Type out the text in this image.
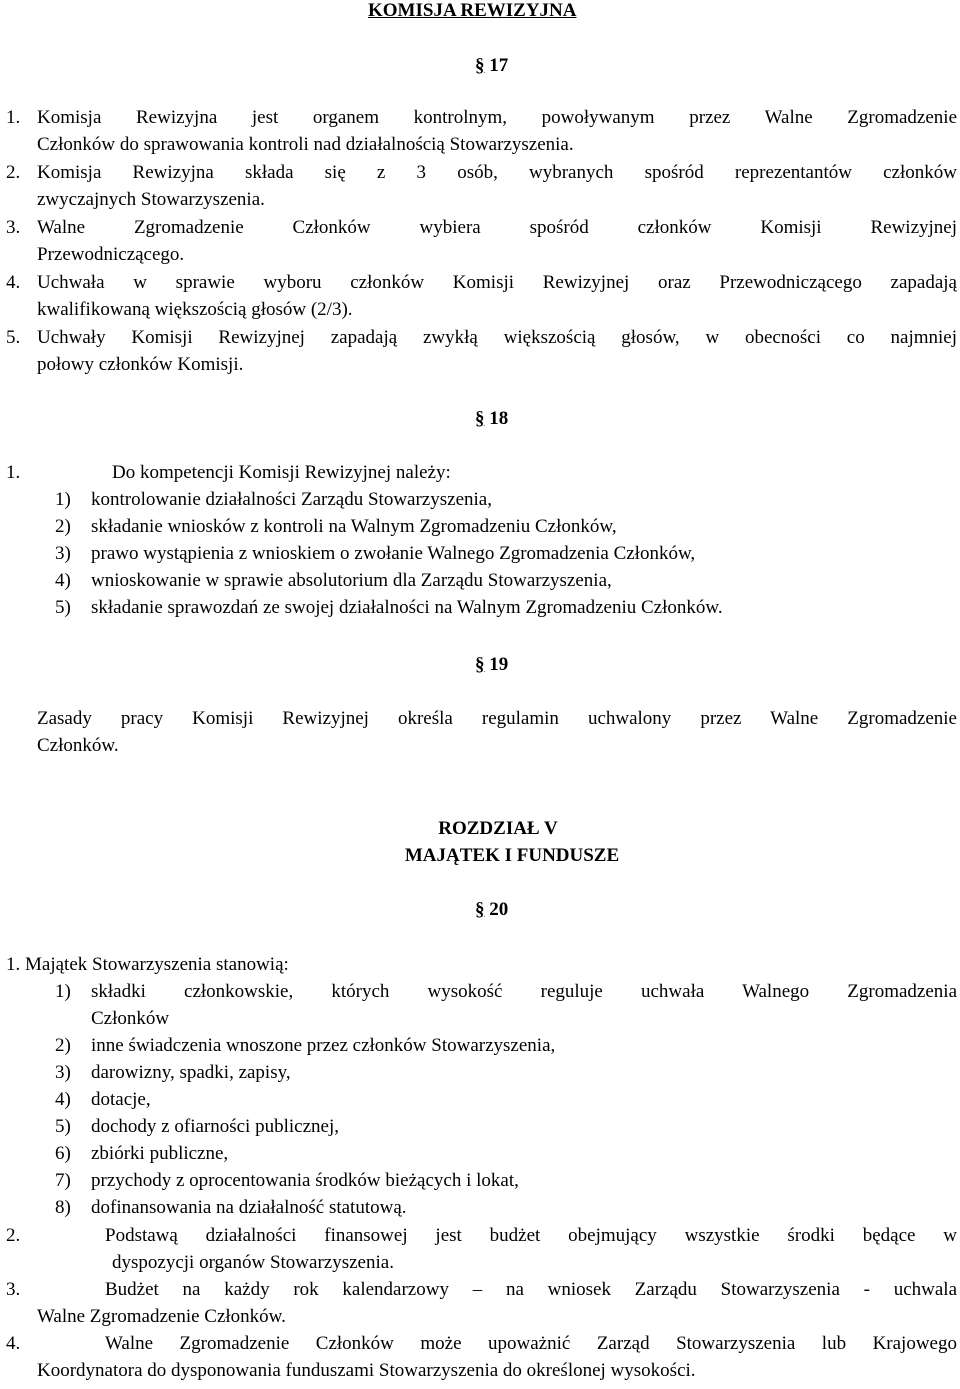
KOMISJA REWIZYJNA
§ 17
1. Komisja Rewizyjna jest organem kontrolnym, powoływanym przez Walne Zgromadzenie
Członków do sprawowania kontroli nad działalnością Stowarzyszenia.
2. Komisja Rewizyjna składa się z 3 osób, wybranych spośród reprezentantów członków
zwyczajnych Stowarzyszenia.
3. Walne Zgromadzenie Członków wybiera spośród członków Komisji Rewizyjnej
Przewodniczącego.
4. Uchwała w sprawie wyboru członków Komisji Rewizyjnej oraz Przewodniczącego zapadają
kwalifikowaną większością głosów (2/3).
5. Uchwały Komisji Rewizyjnej zapadają zwykłą większością głosów, w obecności co najmniej
połowy członków Komisji.
§ 18
1.	Do kompetencji Komisji Rewizyjnej należy:
1) kontrolowanie działalności Zarządu Stowarzyszenia,
2) składanie wniosków z kontroli na Walnym Zgromadzeniu Członków,
3) prawo wystąpienia z wnioskiem o zwołanie Walnego Zgromadzenia Członków,
4) wnioskowanie w sprawie absolutorium dla Zarządu Stowarzyszenia,
5) składanie sprawozdań ze swojej działalności na Walnym Zgromadzeniu Członków.
§ 19
Zasady pracy Komisji Rewizyjnej określa regulamin uchwalony przez Walne Zgromadzenie
Członków.
ROZDZIAŁ V
MAJĄTEK I FUNDUSZE
§ 20
1. Majątek Stowarzyszenia stanowią:
1) składki członkowskie, których wysokość reguluje uchwała Walnego Zgromadzenia
Członków
2) inne świadczenia wnoszone przez członków Stowarzyszenia,
3) darowizny, spadki, zapisy,
4) dotacje,
5) dochody z ofiarności publicznej,
6) zbiórki publiczne,
7) przychody z oprocentowania środków bieżących i lokat,
8) dofinansowania na działalność statutową.
2.	Podstawą działalności finansowej jest budżet obejmujący wszystkie środki będące w
dyspozycji organów Stowarzyszenia.
3.	Budżet na każdy rok kalendarzowy – na wniosek Zarządu Stowarzyszenia - uchwala
Walne Zgromadzenie Członków.
4.	Walne Zgromadzenie Członków może upoważnić Zarząd Stowarzyszenia lub Krajowego
Koordynatora do dysponowania funduszami Stowarzyszenia do określonej wysokości.
